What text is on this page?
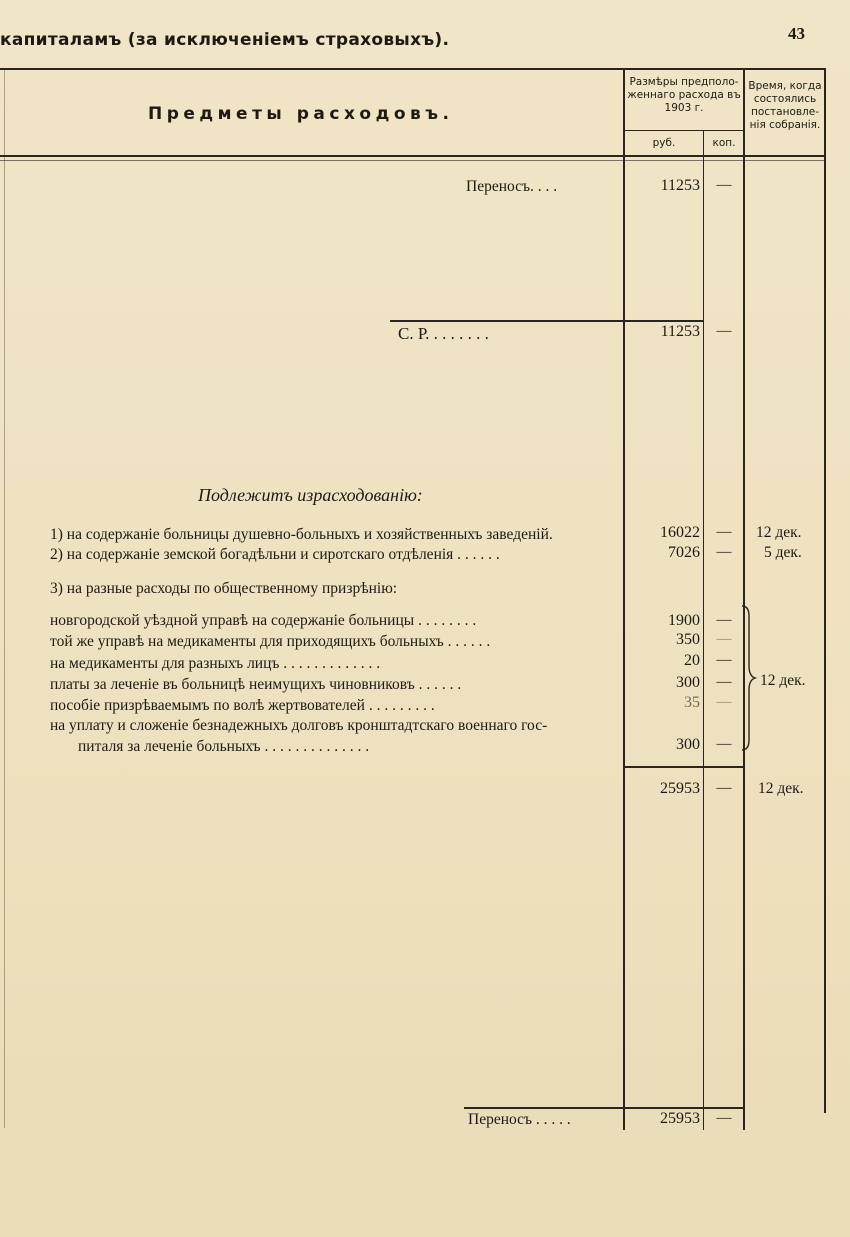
капиталамъ (за исключеніемъ страховыхъ).	43
Предметы расходовъ.
Размѣры предполо- женнаго расхода въ 1903 г.
руб.	коп.
Время, когда состоялись постановле- нія собранія.
Переносъ. . . .	11253	—
С. Р. . . . . . . .	11253	—
Подлежитъ израсходованію:
1) на содержаніе больницы душевно-больныхъ и хозяйственныхъ заведеній.	16022	—	12 дек.
2) на содержаніе земской богадѣльни и сиротскаго отдѣленія . . . . . .	7026	—	5 дек.
3) на разные расходы по общественному призрѣнію:
новгородской уѣздной управѣ на содержаніе больницы . . . . . . . .	1900	—
той же управѣ на медикаменты для приходящихъ больныхъ . . . . . .	350	—
на медикаменты для разныхъ лицъ . . . . . . . . . . . . .	20	—
платы за леченіе въ больницѣ неимущихъ чиновниковъ . . . . . .	300	—
пособіе призрѣваемымъ по волѣ жертвователей . . . . . . . . .	35	—
на уплату и сложеніе безнадежныхъ долговъ кронштадтскаго военнаго гос-
питаля за леченіе больныхъ . . . . . . . . . . . . . .	300	—
12 дек.
25953	—	12 дек.
Переносъ . . . . .	25953	—
